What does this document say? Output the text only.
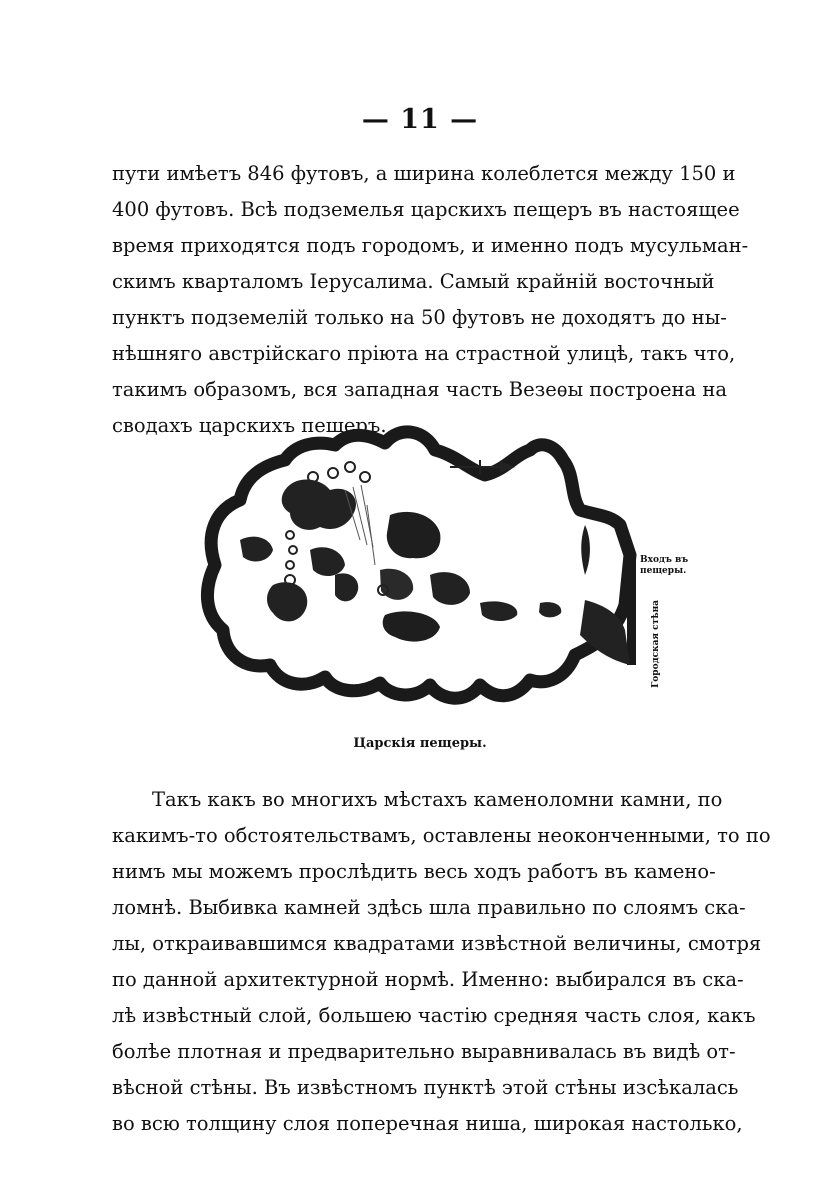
— 11 —
пути имѣетъ 846 футовъ, а ширина колеблется между 150 и
400 футовъ. Всѣ подземелья царскихъ пещеръ въ настоящее
время приходятся подъ городомъ, и именно подъ мусульман-
скимъ кварталомъ Іерусалима. Самый крайній восточный
пунктъ подземелій только на 50 футовъ не доходятъ до ны-
нѣшняго австрійскаго пріюта на страстной улицѣ, такъ что,
такимъ образомъ, вся западная часть Везеѳы построена на
сводахъ царскихъ пещеръ.
Входъ въ
пещеры.
Городская стѣна
Царскія пещеры.
Такъ какъ во многихъ мѣстахъ каменоломни камни, по
какимъ-то обстоятельствамъ, оставлены неоконченными, то по
нимъ мы можемъ прослѣдить весь ходъ работъ въ камено-
ломнѣ. Выбивка камней здѣсь шла правильно по слоямъ ска-
лы, откраивавшимся квадратами извѣстной величины, смотря
по данной архитектурной нормѣ. Именно: выбирался въ ска-
лѣ извѣстный слой, большею частію средняя часть слоя, какъ
болѣе плотная и предварительно выравнивалась въ видѣ от-
вѣсной стѣны. Въ извѣстномъ пунктѣ этой стѣны изсѣкалась
во всю толщину слоя поперечная ниша, широкая настолько,
